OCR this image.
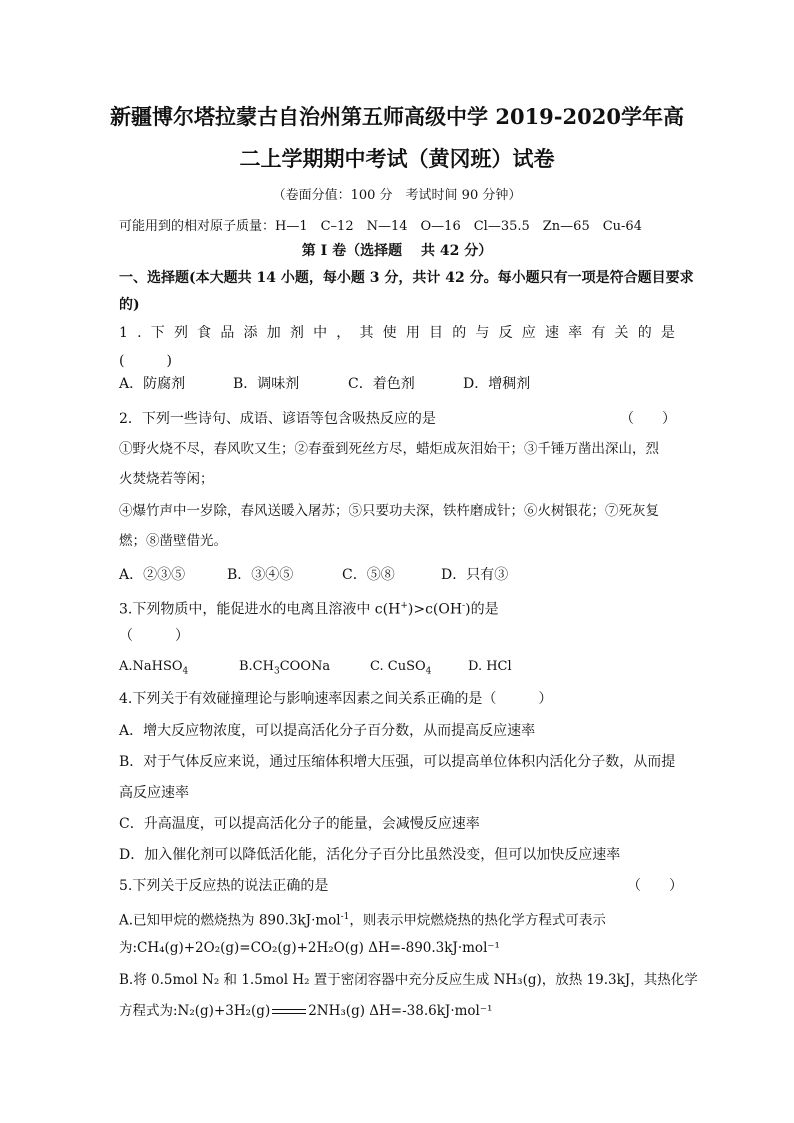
新疆博尔塔拉蒙古自治州第五师高级中学 2019-2020学年高
二上学期期中考试（黄冈班）试卷
（卷面分值：100 分　考试时间 90 分钟）
可能用到的相对原子质量：H—1　C–12　N—14　O—16　Cl—35.5　Zn—65　Cu-64
第 I 卷（选择题　 共 42 分）
一、选择题(本大题共 14 小题，每小题 3 分，共计 42 分。每小题只有一项是符合题目要求
的)
1 . 下 列 食 品 添 加 剂 中 ， 其 使 用 目 的 与 反 应 速 率 有 关 的 是
(　　　)
A．防腐剂	B．调味剂	C．着色剂	D．增稠剂
2．下列一些诗句、成语、谚语等包含吸热反应的是	（　　）
①野火烧不尽，春风吹又生；②春蚕到死丝方尽，蜡炬成灰泪始干；③千锤万凿出深山，烈
火焚烧若等闲；
④爆竹声中一岁除，春风送暖入屠苏；⑤只要功夫深，铁杵磨成针；⑥火树银花；⑦死灰复
燃；⑧凿壁借光。
A．②③⑤	B．③④⑤	C．⑤⑧	D．只有③
3.下列物质中，能促进水的电离且溶液中 c(H+)>c(OH-)的是
（　　　）
A.NaHSO$_4$	$B.CH_3COONa$	C. CuSO$_4$	D. HCl
4.下列关于有效碰撞理论与影响速率因素之间关系正确的是（　　　）
A．增大反应物浓度，可以提高活化分子百分数，从而提高反应速率
B．对于气体反应来说，通过压缩体积增大压强，可以提高单位体积内活化分子数，从而提
高反应速率
C．升高温度，可以提高活化分子的能量，会减慢反应速率
D．加入催化剂可以降低活化能，活化分子百分比虽然没变，但可以加快反应速率
5.下列关于反应热的说法正确的是	（　　）
A.已知甲烷的燃烧热为 890.3kJ·mol$^{-1}$，则表示甲烷燃烧热的热化学方程式可表示
为:CH₄(g)+2O₂(g)=CO₂(g)+2H₂O(g) ΔH=-890.3kJ·mol⁻¹
B.将 0.5mol N₂ 和 1.5mol H₂ 置于密闭容器中充分反应生成 NH₃(g)，放热 19.3kJ，其热化学
方程式为:N₂(g)+3H₂(g)	2NH₃(g) ΔH=-38.6kJ·mol⁻¹
